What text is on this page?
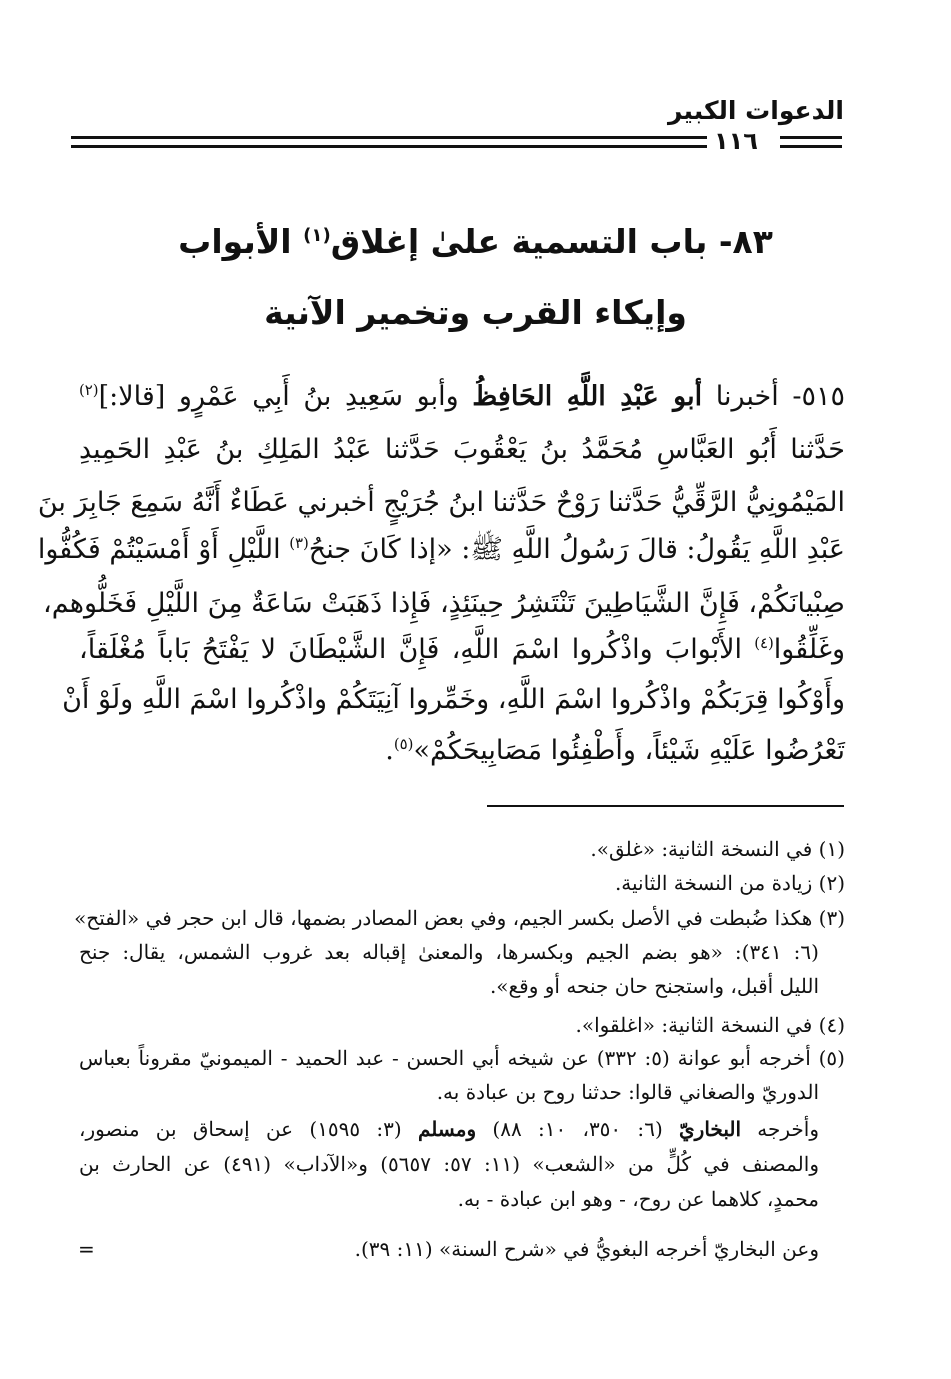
الدعوات الكبير
١١٦
٨٣- باب التسمية علىٰ إغلاق$^{(١)}$ الأبواب
وإيكاء القرب وتخمير الآنية
٥١٥- أخبرنا أبو عَبْدِ اللَّهِ الحَافِظُ وأبو سَعِيدِ بنُ أَبِي عَمْرٍو [قالا:]$^{(٢)}$
حَدَّثنا أَبُو العَبَّاسِ مُحَمَّدُ بنُ يَعْقُوبَ حَدَّثنا عَبْدُ المَلِكِ بنُ عَبْدِ الحَمِيدِ
المَيْمُونِيُّ الرَّقِّيُّ حَدَّثنا رَوْحٌ حَدَّثنا ابنُ جُرَيْجٍ أخبرني عَطَاءٌ أَنَّهُ سَمِعَ جَابِرَ بنَ
عَبْدِ اللَّهِ يَقُولُ: قالَ رَسُولُ اللَّهِ ﷺ: «إذا كَانَ جنحُ$^{(٣)}$ اللَّيْلِ أَوْ أَمْسَيْتُمْ فَكُفُّوا
صِبْيانَكُمْ، فَإِنَّ الشَّيَاطِينَ تَنْتَشِرُ حِينَئِذٍ، فَإِذا ذَهَبَتْ سَاعَةٌ مِنَ اللَّيْلِ فَخَلُّوهم،
وغَلِّقُوا$^{(٤)}$ الأَبْوابَ واذْكُروا اسْمَ اللَّهِ، فَإِنَّ الشَّيْطَانَ لا يَفْتَحُ بَاباً مُغْلَقاً،
وأَوْكُوا قِرَبَكُمْ واذْكُروا اسْمَ اللَّهِ، وخَمِّروا آنِيَتَكُمْ واذْكُروا اسْمَ اللَّهِ ولَوْ أَنْ
تَعْرُضُوا عَلَيْهِ شَيْئاً، وأَطْفِئُوا مَصَابِيحَكُمْ»$^{(٥)}$.
(١) في النسخة الثانية: «غلق».
(٢) زيادة من النسخة الثانية.
(٣) هكذا ضُبطت في الأصل بكسر الجيم، وفي بعض المصادر بضمها، قال ابن حجر في «الفتح»
(٦: ٣٤١): «هو بضم الجيم وبكسرها، والمعنىٰ إقباله بعد غروب الشمس، يقال: جنح
الليل أقبل، واستجنح حان جنحه أو وقع».
(٤) في النسخة الثانية: «اغلقوا».
(٥) أخرجه أبو عوانة (٥: ٣٣٢) عن شيخه أبي الحسن - عبد الحميد - الميمونيّ مقروناً بعباس
الدوريّ والصغاني قالوا: حدثنا روح بن عبادة به.
وأخرجه البخاريّ (٦: ٣٥٠، ١٠: ٨٨) ومسلم (٣: ١٥٩٥) عن إسحاق بن منصور،
والمصنف في كُلٍّ من «الشعب» (١١: ٥٧: ٥٦٥٧) و«الآداب» (٤٩١) عن الحارث بن
محمدٍ، كلاهما عن روح، - وهو ابن عبادة - به.
وعن البخاريّ أخرجه البغويُّ في «شرح السنة» (١١: ٣٩).
=
